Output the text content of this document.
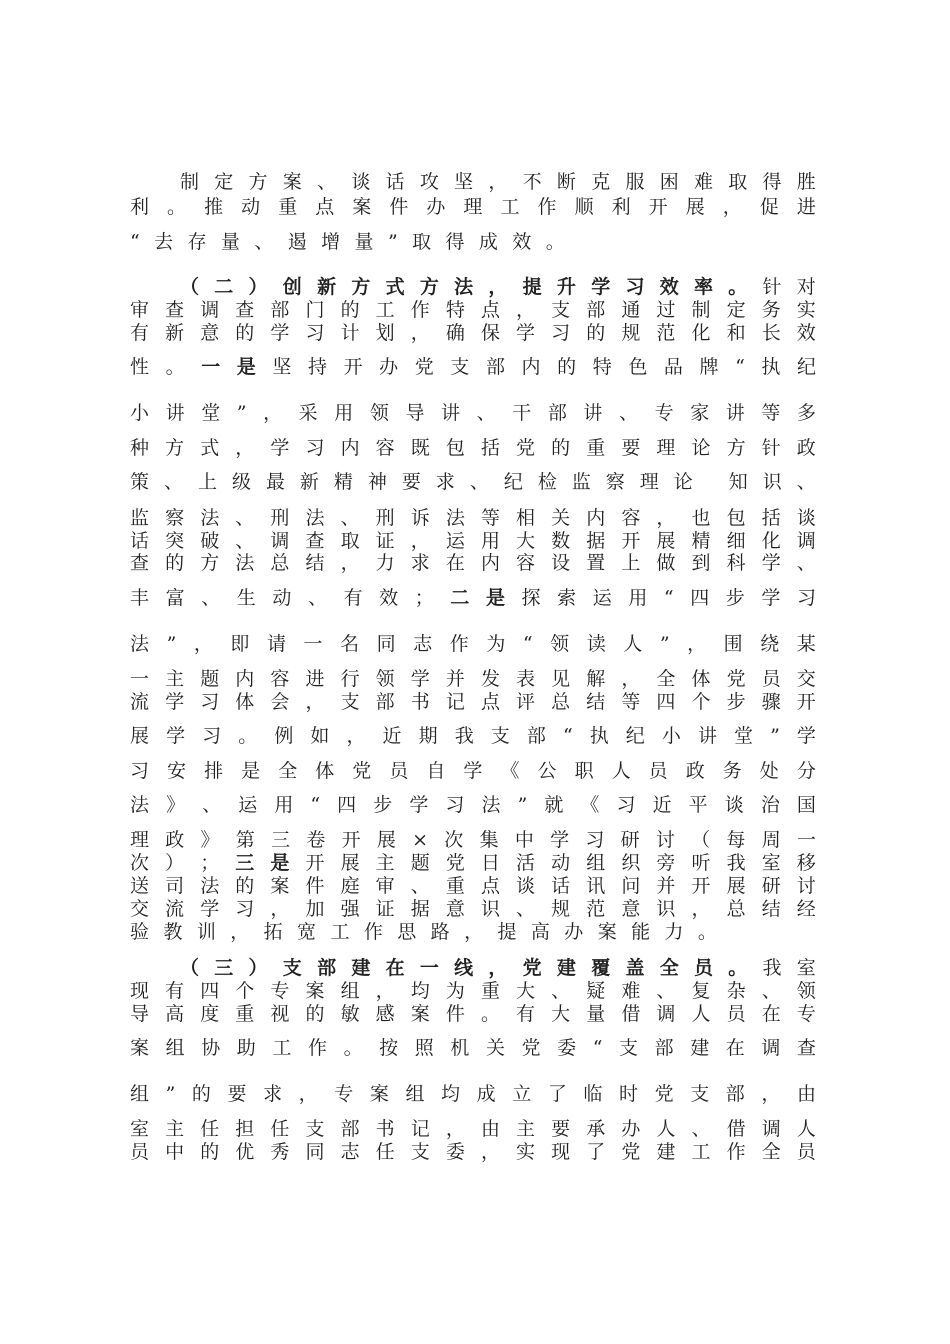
制 定 方 案 、 谈 话 攻 坚 ， 不 断 克 服 困 难 取 得 胜
利 。 推 动 重 点 案 件 办 理 工 作 顺 利 开 展 ， 促 进
“ 去 存 量 、 遏 增 量 ” 取 得 成 效 。
（ 二 ） 创 新 方 式 方 法 ， 提 升 学 习 效 率 。 针 对
审 查 调 查 部 门 的 工 作 特 点 ， 支 部 通 过 制 定 务 实
有 新 意 的 学 习 计 划 ， 确 保 学 习 的 规 范 化 和 长 效
性 。 一 是 坚 持 开 办 党 支 部 内 的 特 色 品 牌 “ 执 纪
小 讲 堂 ” ， 采 用 领 导 讲 、 干 部 讲 、 专 家 讲 等 多
种 方 式 ， 学 习 内 容 既 包 括 党 的 重 要 理 论 方 针 政
策 、 上 级 最 新 精 神 要 求 、 纪 检 监 察 理 论
知 识 、
监 察 法 、 刑 法 、 刑 诉 法 等 相 关 内 容 ， 也 包 括 谈
话 突 破 、 调 查 取 证 ， 运 用 大 数 据 开 展 精 细 化 调
查 的 方 法 总 结 ， 力 求 在 内 容 设 置 上 做 到 科 学 、
丰 富 、 生 动 、 有 效 ； 二 是 探 索 运 用 “ 四 步 学 习
法 ” ， 即 请 一 名 同 志 作 为 “ 领 读 人 ” ， 围 绕 某
一 主 题 内 容 进 行 领 学 并 发 表 见 解 ， 全 体 党 员 交
流 学 习 体 会 ， 支 部 书 记 点 评 总 结 等 四 个 步 骤 开
展 学 习 。 例 如 ， 近 期 我 支 部 “ 执 纪 小 讲 堂 ” 学
习 安 排 是 全 体 党 员 自 学 《 公 职 人 员 政 务 处 分
法 》 、 运 用 “ 四 步 学 习 法 ” 就 《 习 近 平 谈 治 国
理 政 》 第 三 卷 开 展 × 次 集 中 学 习 研 讨 （ 每 周 一
次 ） ； 三 是 开 展 主 题 党 日 活 动 组 织 旁 听 我 室 移
送 司 法 的 案 件 庭 审 、 重 点 谈 话 讯 问 并 开 展 研 讨
交 流 学 习 ， 加 强 证 据 意 识 、 规 范 意 识 ， 总 结 经
验 教 训 ， 拓 宽 工 作 思 路 ， 提 高 办 案 能 力 。
（ 三 ） 支 部 建 在 一 线 ， 党 建 覆 盖 全 员 。 我 室
现 有 四 个 专 案 组 ， 均 为 重 大 、 疑 难 、 复 杂 、 领
导 高 度 重 视 的 敏 感 案 件 。 有 大 量 借 调 人 员 在 专
案 组 协 助 工 作 。 按 照 机 关 党 委 “ 支 部 建 在 调 查
组 ” 的 要 求 ， 专 案 组 均 成 立 了 临 时 党 支 部 ， 由
室 主 任 担 任 支 部 书 记 ， 由 主 要 承 办 人 、 借 调 人
员 中 的 优 秀 同 志 任 支 委 ， 实 现 了 党 建 工 作 全 员
